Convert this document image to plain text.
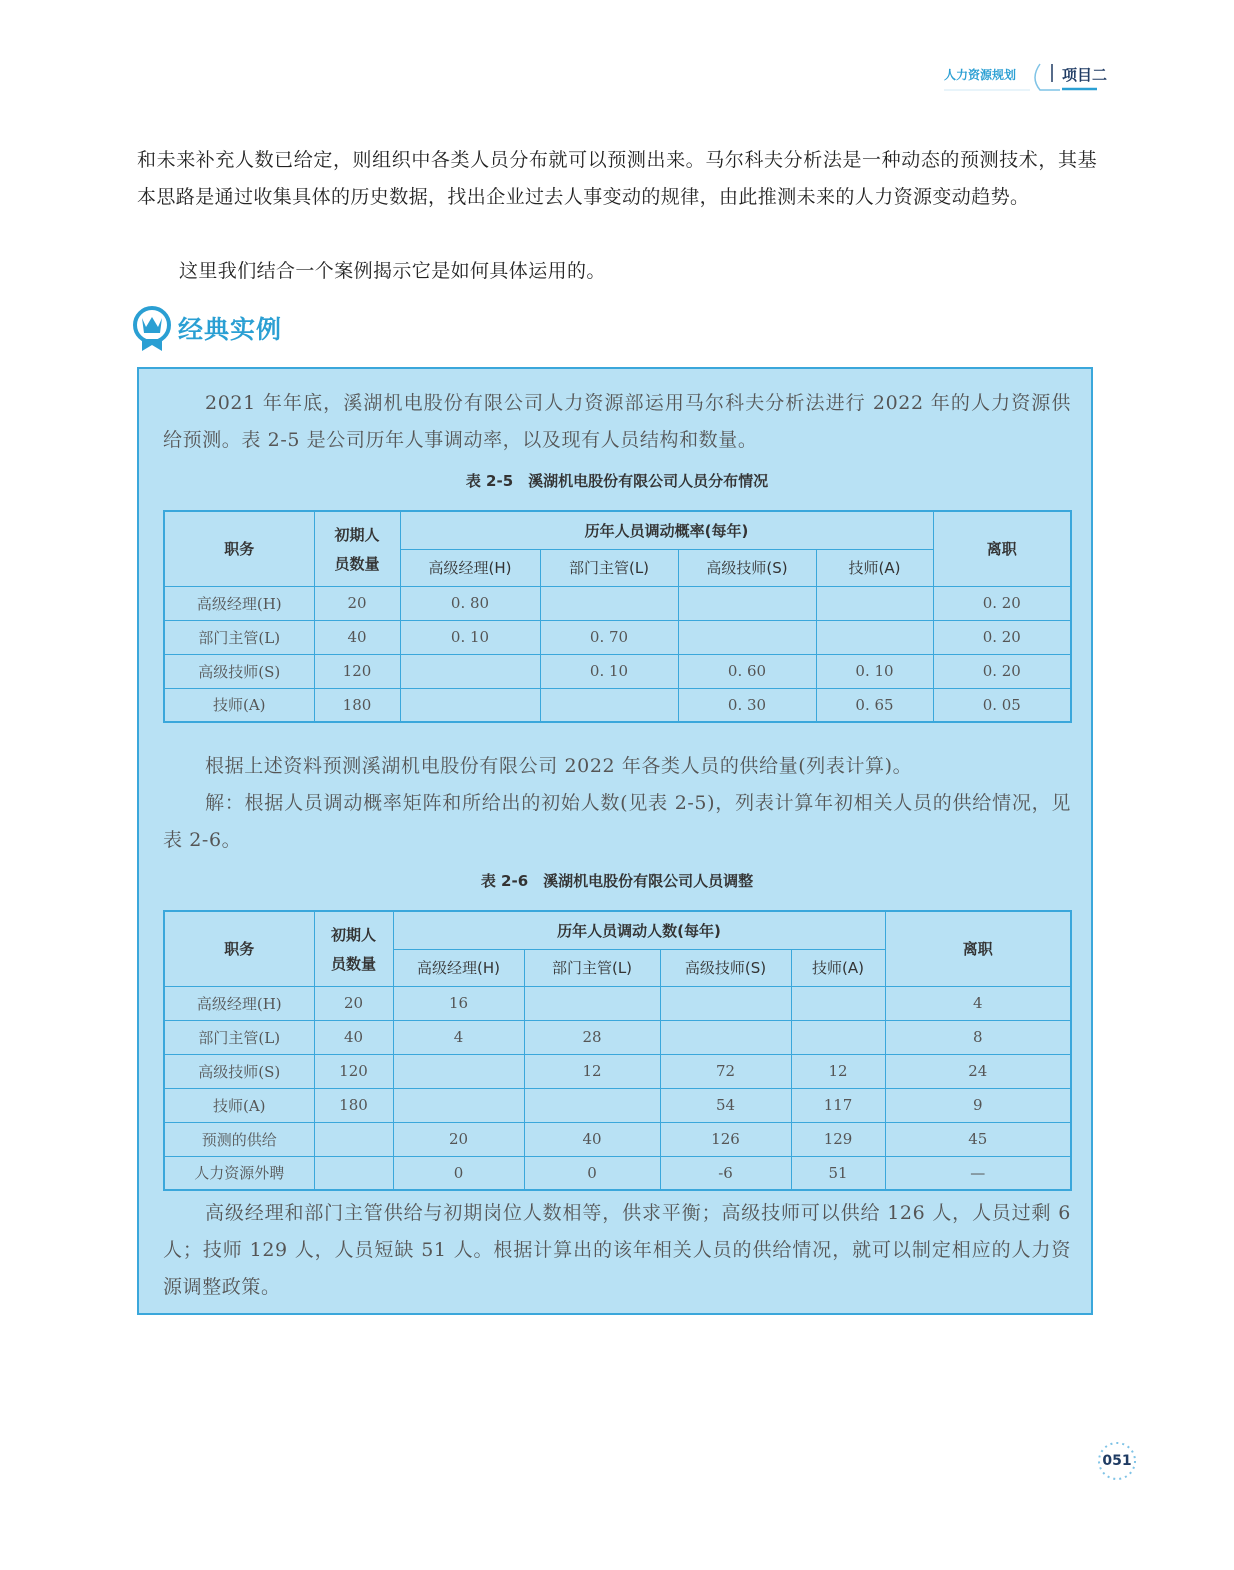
人力资源规划	项目二

和未来补充人数已给定，则组织中各类人员分布就可以预测出来。马尔科夫分析法是一种动态的预测技术，其基本思路是通过收集具体的历史数据，找出企业过去人事变动的规律，由此推测未来的人力资源变动趋势。

这里我们结合一个案例揭示它是如何具体运用的。

经典实例

2021 年年底，溪湖机电股份有限公司人力资源部运用马尔科夫分析法进行 2022 年的人力资源供给预测。表 2-5 是公司历年人事调动率，以及现有人员结构和数量。

表 2-5　溪湖机电股份有限公司人员分布情况
职务	初期人
员数量	历年人员调动概率(每年)				离职
		高级经理(H)	部门主管(L)	高级技师(S)	技师(A)	
高级经理(H)	20	0. 80				0. 20
部门主管(L)	40	0. 10	0. 70			0. 20
高级技师(S)	120		0. 10	0. 60	0. 10	0. 20
技师(A)	180			0. 30	0. 65	0. 05

根据上述资料预测溪湖机电股份有限公司 2022 年各类人员的供给量(列表计算)。

解：根据人员调动概率矩阵和所给出的初始人数(见表 2-5)，列表计算年初相关人员的供给情况，见表 2-6。

表 2-6　溪湖机电股份有限公司人员调整
职务	初期人
员数量	历年人员调动人数(每年)				离职
		高级经理(H)	部门主管(L)	高级技师(S)	技师(A)	
高级经理(H)	20	16				4
部门主管(L)	40	4	28			8
高级技师(S)	120		12	72	12	24
技师(A)	180			54	117	9
预测的供给		20	40	126	129	45
人力资源外聘		0	0	-6	51	—

高级经理和部门主管供给与初期岗位人数相等，供求平衡；高级技师可以供给 126 人，人员过剩 6 人；技师 129 人，人员短缺 51 人。根据计算出的该年相关人员的供给情况，就可以制定相应的人力资源调整政策。

051
